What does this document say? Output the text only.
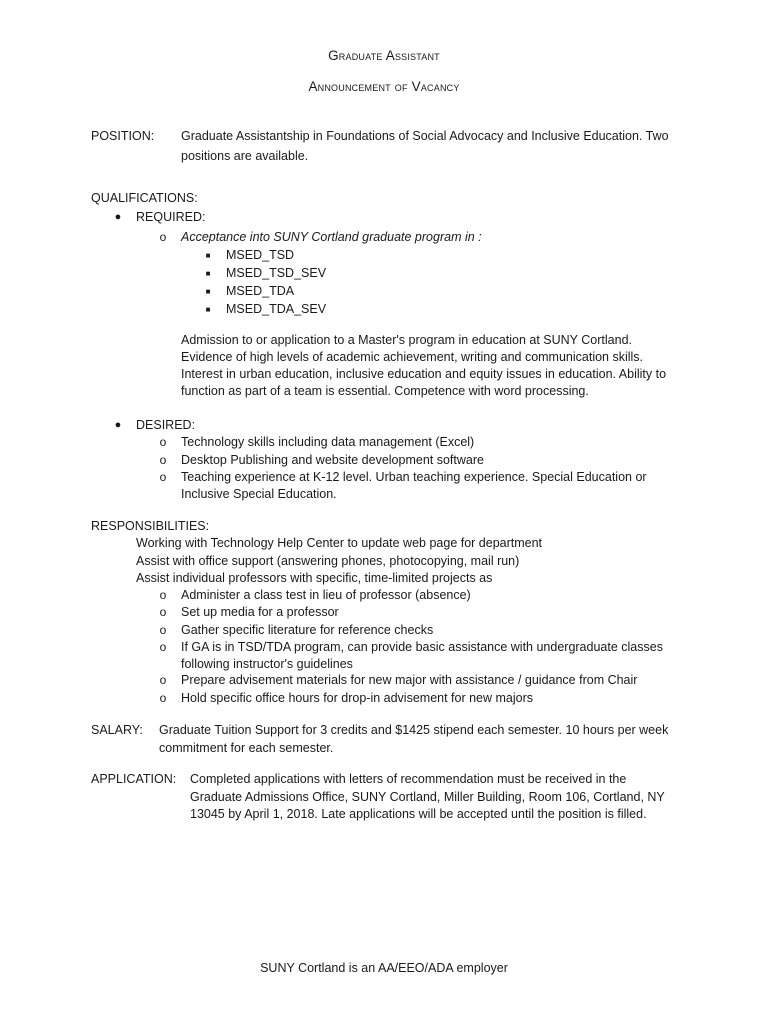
Graduate Assistant
Announcement of Vacancy
POSITION: Graduate Assistantship in Foundations of Social Advocacy and Inclusive Education. Two
positions are available.
QUALIFICATIONS:
● REQUIRED:
o Acceptance into SUNY Cortland graduate program in :
■	MSED_TSD
■	MSED_TSD_SEV
■	MSED_TDA
■	MSED_TDA_SEV
Admission to or application to a Master's program in education at SUNY Cortland.
Evidence of high levels of academic achievement, writing and communication skills.
Interest in urban education, inclusive education and equity issues in education. Ability to
function as part of a team is essential. Competence with word processing.
● DESIRED:
o Technology skills including data management (Excel)
o Desktop Publishing and website development software
o Teaching experience at K-12 level. Urban teaching experience. Special Education or
Inclusive Special Education.
RESPONSIBILITIES:
Working with Technology Help Center to update web page for department
Assist with office support (answering phones, photocopying, mail run)
Assist individual professors with specific, time-limited projects as
o Administer a class test in lieu of professor (absence)
o Set up media for a professor
o Gather specific literature for reference checks
o If GA is in TSD/TDA program, can provide basic assistance with undergraduate classes
following instructor's guidelines
o Prepare advisement materials for new major with assistance / guidance from Chair
o Hold specific office hours for drop-in advisement for new majors
SALARY: Graduate Tuition Support for 3 credits and $1425 stipend each semester. 10 hours per week
commitment for each semester.
APPLICATION: Completed applications with letters of recommendation must be received in the
Graduate Admissions Office, SUNY Cortland, Miller Building, Room 106, Cortland, NY
13045 by April 1, 2018. Late applications will be accepted until the position is filled.
SUNY Cortland is an AA/EEO/ADA employer
